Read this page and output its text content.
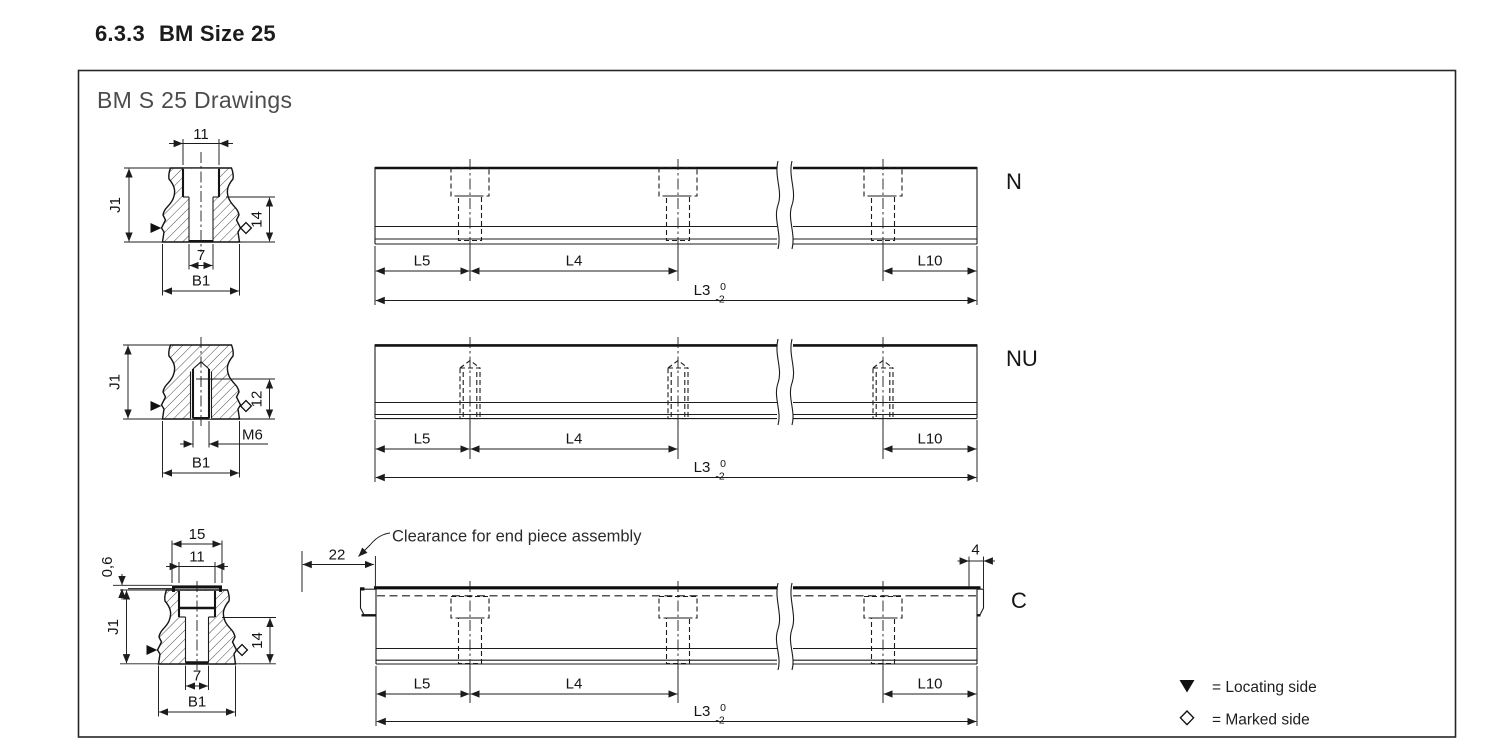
11
J1
14
7
B1
L5	L4	L10
L3 0
-2
N
J1
12
M6
B1
L5	L4	L10
L3 0
-2
NU
15
11
0,6
J1
14
7
B1
22
Clearance for end piece assembly
4
L5	L4	L10
L3 0
-2
C
= Locating side
= Marked side
6.3.3 BM Size 25
BM S 25 Drawings
